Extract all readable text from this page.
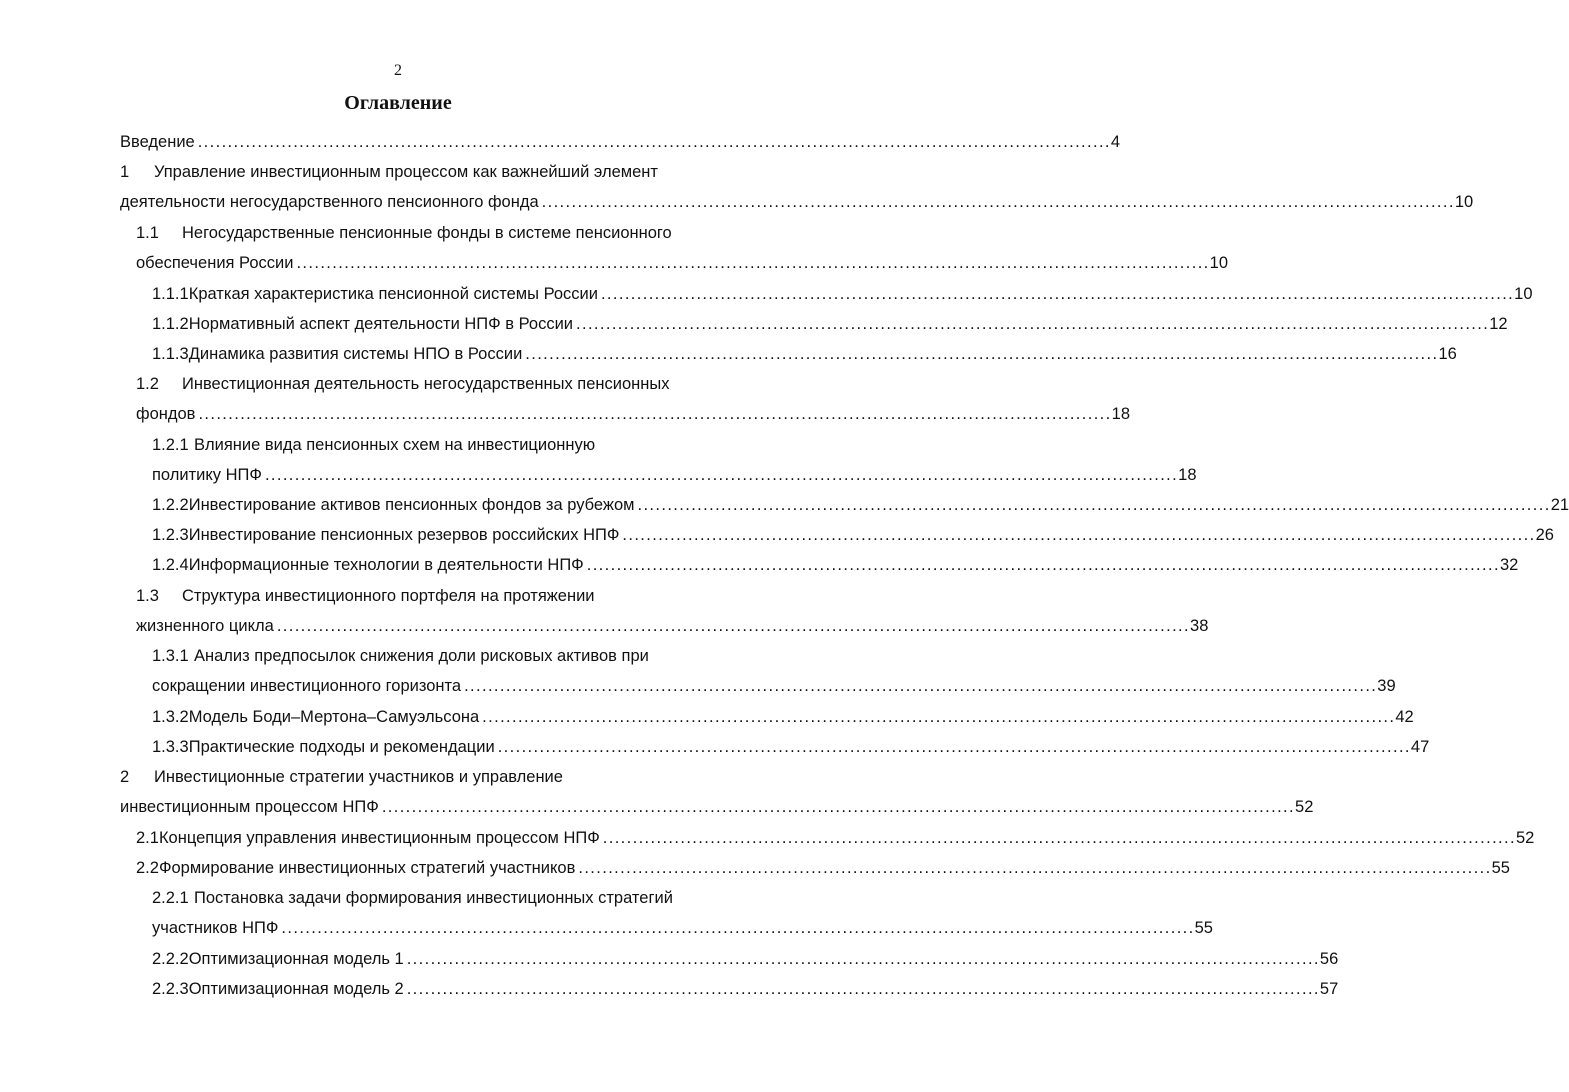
2
Оглавление
Введение . . .	4
1	Управление инвестиционным процессом как важнейший элемент
деятельности негосударственного пенсионного фонда . . .	10
1.1	Негосударственные пенсионные фонды в системе пенсионного
обеспечения России . . .	10
1.1.1 Краткая характеристика пенсионной системы России . . .	10
1.1.2 Нормативный аспект деятельности НПФ в России . . .	12
1.1.3 Динамика развития системы НПО в России . . .	16
1.2	Инвестиционная деятельность негосударственных пенсионных
фондов . . .	18
1.2.1 Влияние вида пенсионных схем на инвестиционную
политику НПФ . . .	18
1.2.2 Инвестирование активов пенсионных фондов за рубежом . . .	21
1.2.3 Инвестирование пенсионных резервов российских НПФ . . .	26
1.2.4 Информационные технологии в деятельности НПФ . . .	32
1.3	Структура инвестиционного портфеля на протяжении
жизненного цикла . . .	38
1.3.1 Анализ предпосылок снижения доли рисковых активов при
сокращении инвестиционного горизонта . . .	39
1.3.2 Модель Боди–Мертона–Самуэльсона . . .	42
1.3.3 Практические подходы и рекомендации . . .	47
2	Инвестиционные стратегии участников и управление
инвестиционным процессом НПФ . . .	52
2.1 Концепция управления инвестиционным процессом НПФ . . .	52
2.2 Формирование инвестиционных стратегий участников . . .	55
2.2.1 Постановка задачи формирования инвестиционных стратегий
участников НПФ . . .	55
2.2.2 Оптимизационная модель 1 . . .	56
2.2.3 Оптимизационная модель 2 . . .	57
